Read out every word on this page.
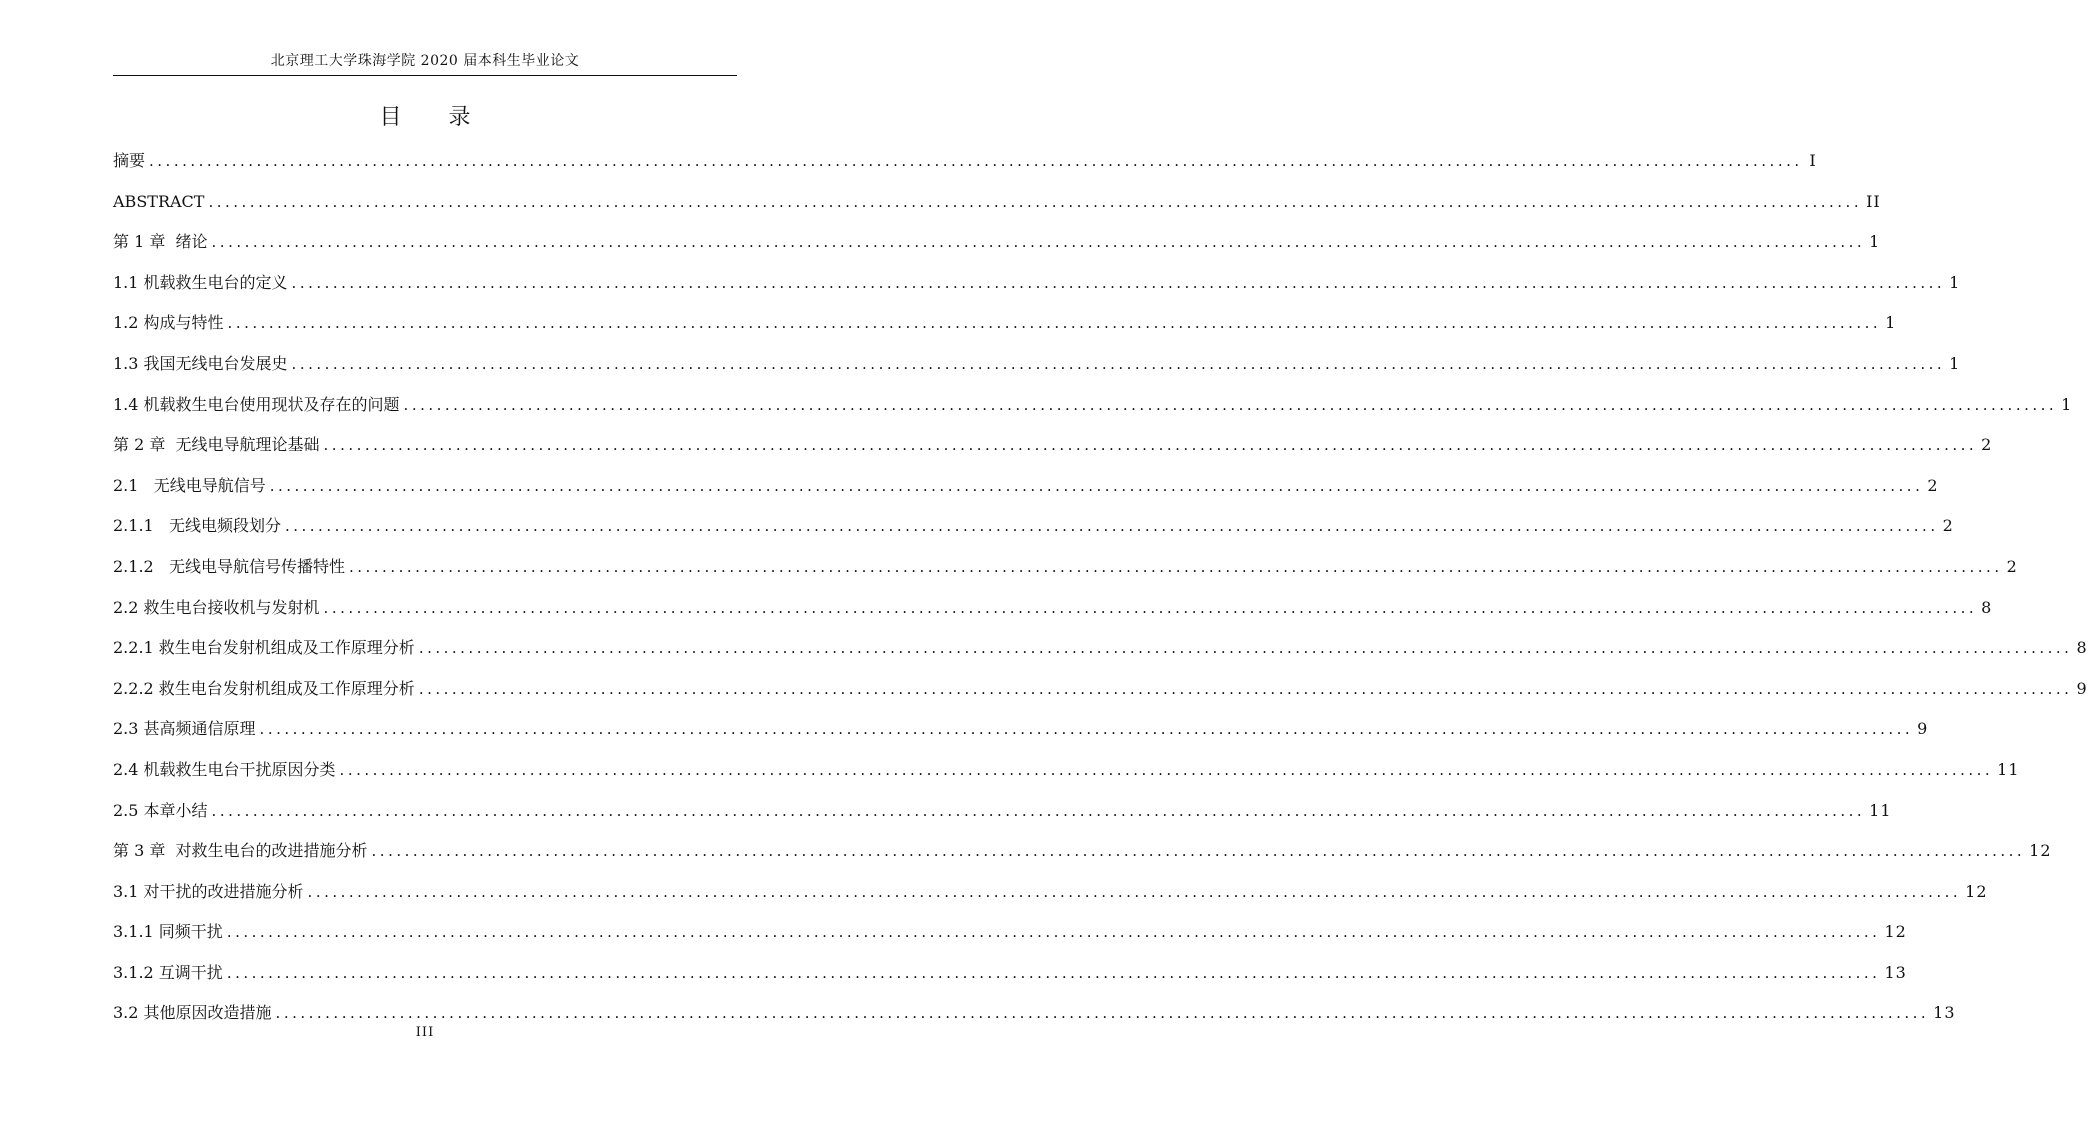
北京理工大学珠海学院 2020 届本科生毕业论文
目 录
摘要 ........................................................................................................................................................................................................ I
ABSTRACT ........................................................................................................................................................................................................ II
第 1 章  绪论 ........................................................................................................................................................................................................ 1
1.1 机载救生电台的定义 ........................................................................................................................................................................................................ 1
1.2 构成与特性 ........................................................................................................................................................................................................ 1
1.3 我国无线电台发展史 ........................................................................................................................................................................................................ 1
1.4 机载救生电台使用现状及存在的问题 ........................................................................................................................................................................................................ 1
第 2 章  无线电导航理论基础 ........................................................................................................................................................................................................ 2
2.1   无线电导航信号 ........................................................................................................................................................................................................ 2
2.1.1   无线电频段划分 ........................................................................................................................................................................................................ 2
2.1.2   无线电导航信号传播特性 ........................................................................................................................................................................................................ 2
2.2 救生电台接收机与发射机 ........................................................................................................................................................................................................ 8
2.2.1 救生电台发射机组成及工作原理分析 ........................................................................................................................................................................................................ 8
2.2.2 救生电台发射机组成及工作原理分析 ........................................................................................................................................................................................................ 9
2.3 甚高频通信原理 ........................................................................................................................................................................................................ 9
2.4 机载救生电台干扰原因分类 ........................................................................................................................................................................................................ 11
2.5 本章小结 ........................................................................................................................................................................................................ 11
第 3 章  对救生电台的改进措施分析 ........................................................................................................................................................................................................ 12
3.1 对干扰的改进措施分析 ........................................................................................................................................................................................................ 12
3.1.1 同频干扰 ........................................................................................................................................................................................................ 12
3.1.2 互调干扰 ........................................................................................................................................................................................................ 13
3.2 其他原因改造措施 ........................................................................................................................................................................................................ 13
III
